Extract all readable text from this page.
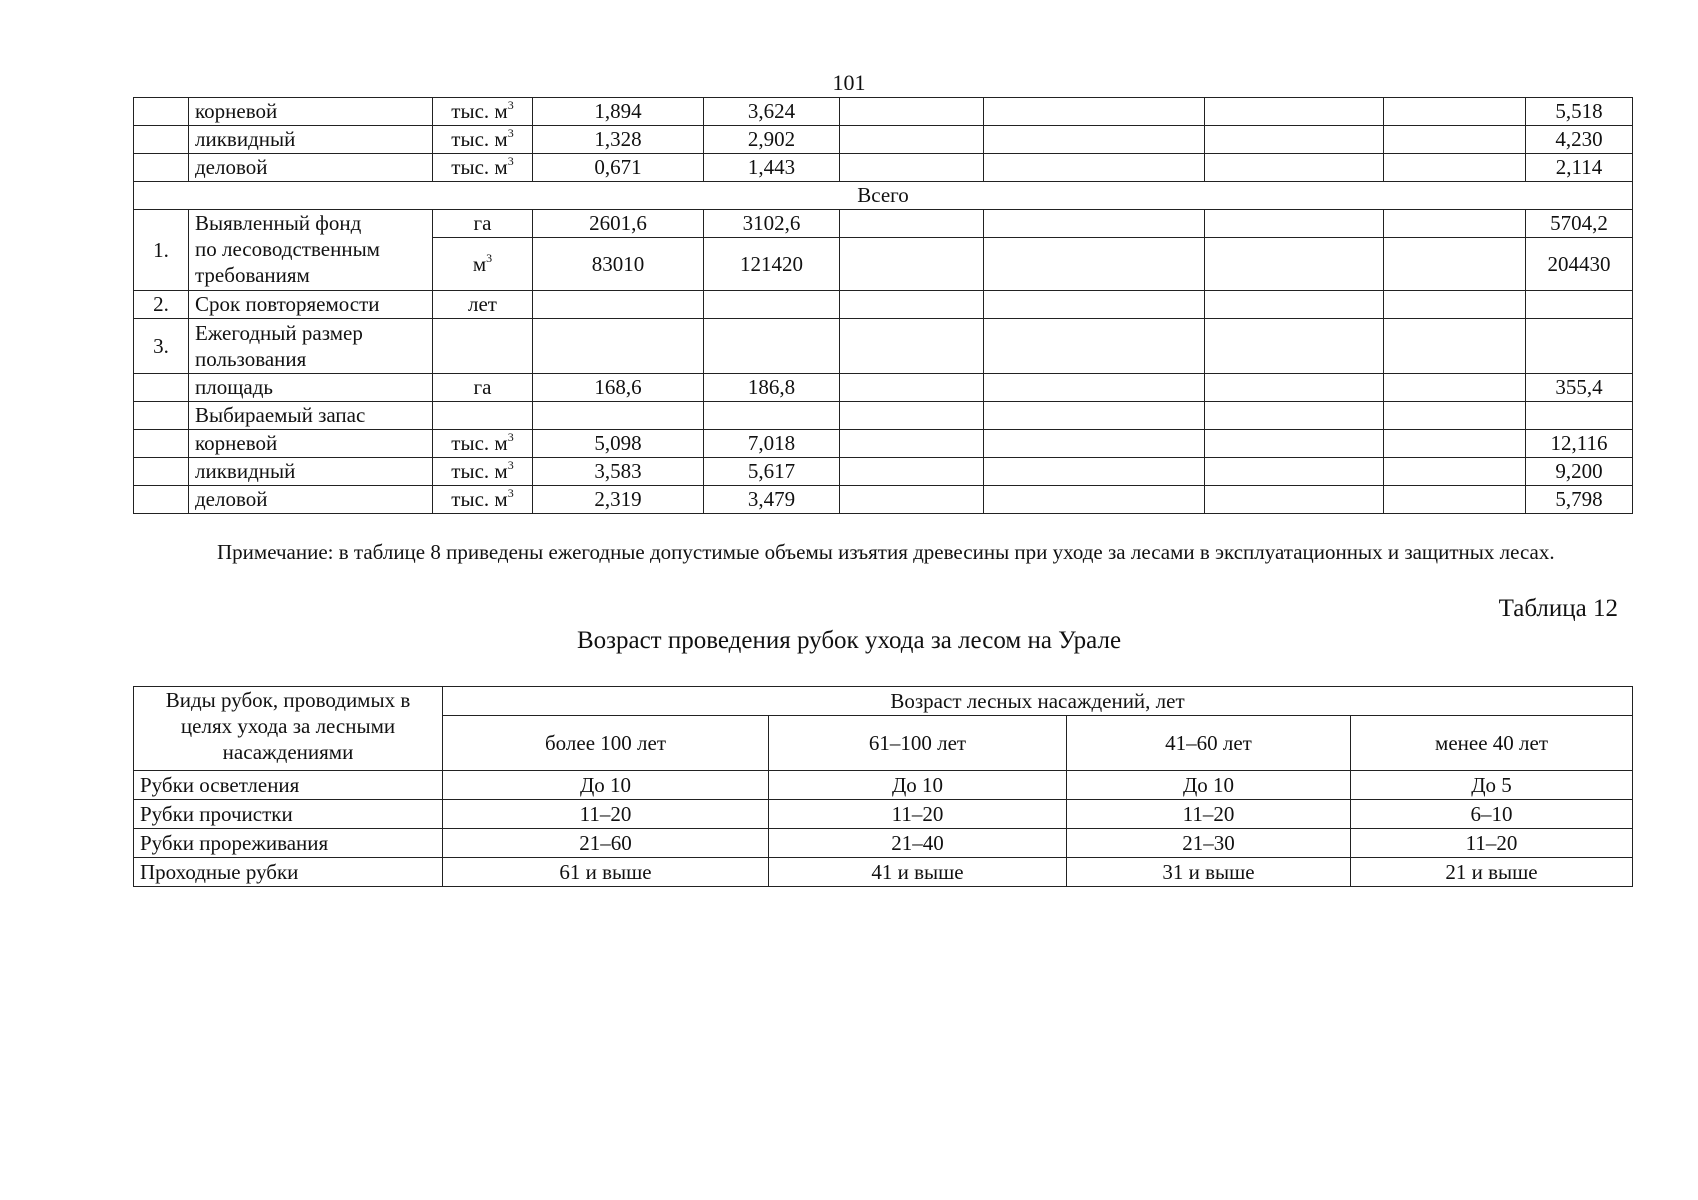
101
	корневой	тыс. $м^3$	1,894	3,624					5,518
	ликвидный	тыс. $м^3$	1,328	2,902					4,230
	деловой	тыс. $м^3$	0,671	1,443					2,114
Всего									
1.	Выявленный фонд
по лесоводственным
требованиям	га	2601,6	3102,6					5704,2
		$м^3$	83010	121420					204430
2.	Срок повторяемости	лет							
3.	Ежегодный размер
пользования								

	площадь	га	168,6	186,8					355,4
	Выбираемый запас								
	корневой	тыс. $м^3$	5,098	7,018					12,116
	ликвидный	тыс. $м^3$	3,583	5,617					9,200
	деловой	тыс. $м^3$	2,319	3,479					5,798
Примечание: в таблице 8 приведены ежегодные допустимые объемы изъятия древесины при уходе за лесами в эксплуатационных и защитных лесах.
Таблица 12
Возраст проведения рубок ухода за лесом на Урале
Виды рубок, проводимых в
целях ухода за лесными
насаждениями	Возраст лесных насаждений, лет			
	более 100 лет	61–100 лет	41–60 лет	менее 40 лет
Рубки осветления	До 10	До 10	До 10	До 5
Рубки прочистки	11–20	11–20	11–20	6–10
Рубки прореживания	21–60	21–40	21–30	11–20
Проходные рубки	61 и выше	41 и выше	31 и выше	21 и выше
